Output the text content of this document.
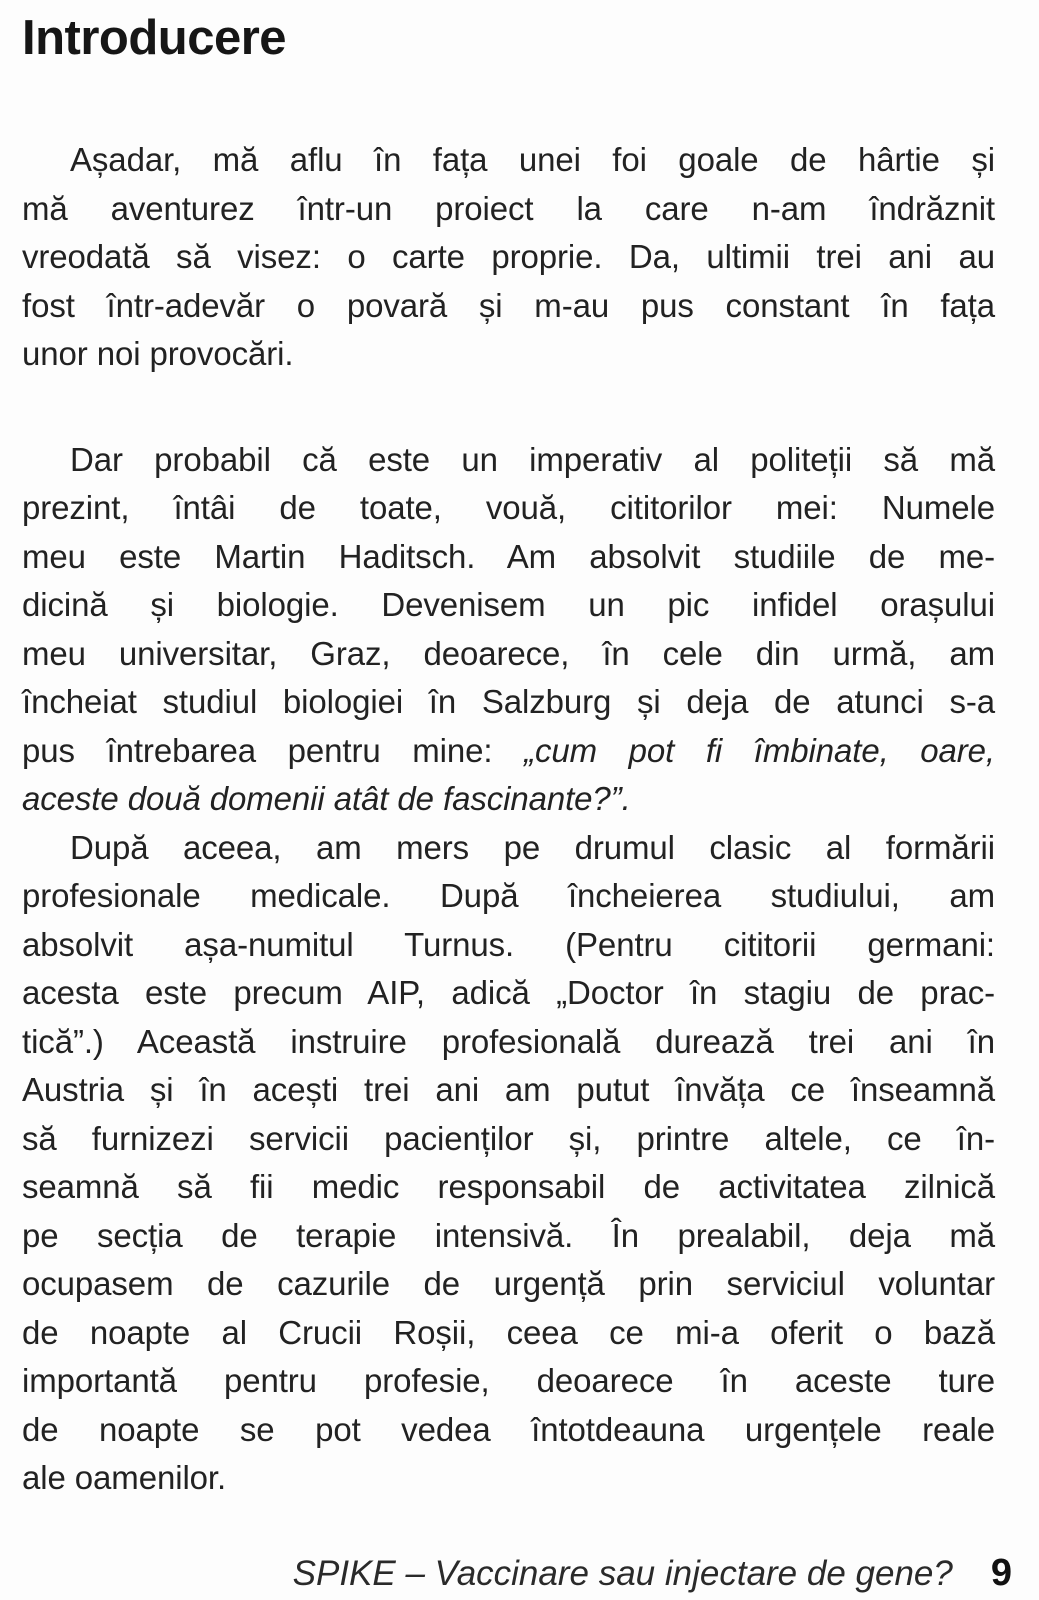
Introducere
Așadar, mă aflu în fața unei foi goale de hârtie și
mă aventurez într-un proiect la care n-am îndrăznit
vreodată să visez: o carte proprie. Da, ultimii trei ani au
fost într-adevăr o povară și m-au pus constant în fața
unor noi provocări.
Dar probabil că este un imperativ al politeții să mă
prezint, întâi de toate, vouă, cititorilor mei: Numele
meu este Martin Haditsch. Am absolvit studiile de me-
dicină și biologie. Devenisem un pic infidel orașului
meu universitar, Graz, deoarece, în cele din urmă, am
încheiat studiul biologiei în Salzburg și deja de atunci s-a
pus întrebarea pentru mine: „cum pot fi îmbinate, oare,
aceste două domenii atât de fascinante?”.
După aceea, am mers pe drumul clasic al formării
profesionale medicale. După încheierea studiului, am
absolvit așa-numitul Turnus. (Pentru cititorii germani:
acesta este precum AIP, adică „Doctor în stagiu de prac-
tică”.) Această instruire profesională durează trei ani în
Austria și în acești trei ani am putut învăța ce înseamnă
să furnizezi servicii pacienților și, printre altele, ce în-
seamnă să fii medic responsabil de activitatea zilnică
pe secția de terapie intensivă. În prealabil, deja mă
ocupasem de cazurile de urgență prin serviciul voluntar
de noapte al Crucii Roșii, ceea ce mi-a oferit o bază
importantă pentru profesie, deoarece în aceste ture
de noapte se pot vedea întotdeauna urgențele reale
ale oamenilor.
SPIKE – Vaccinare sau injectare de gene? 9
